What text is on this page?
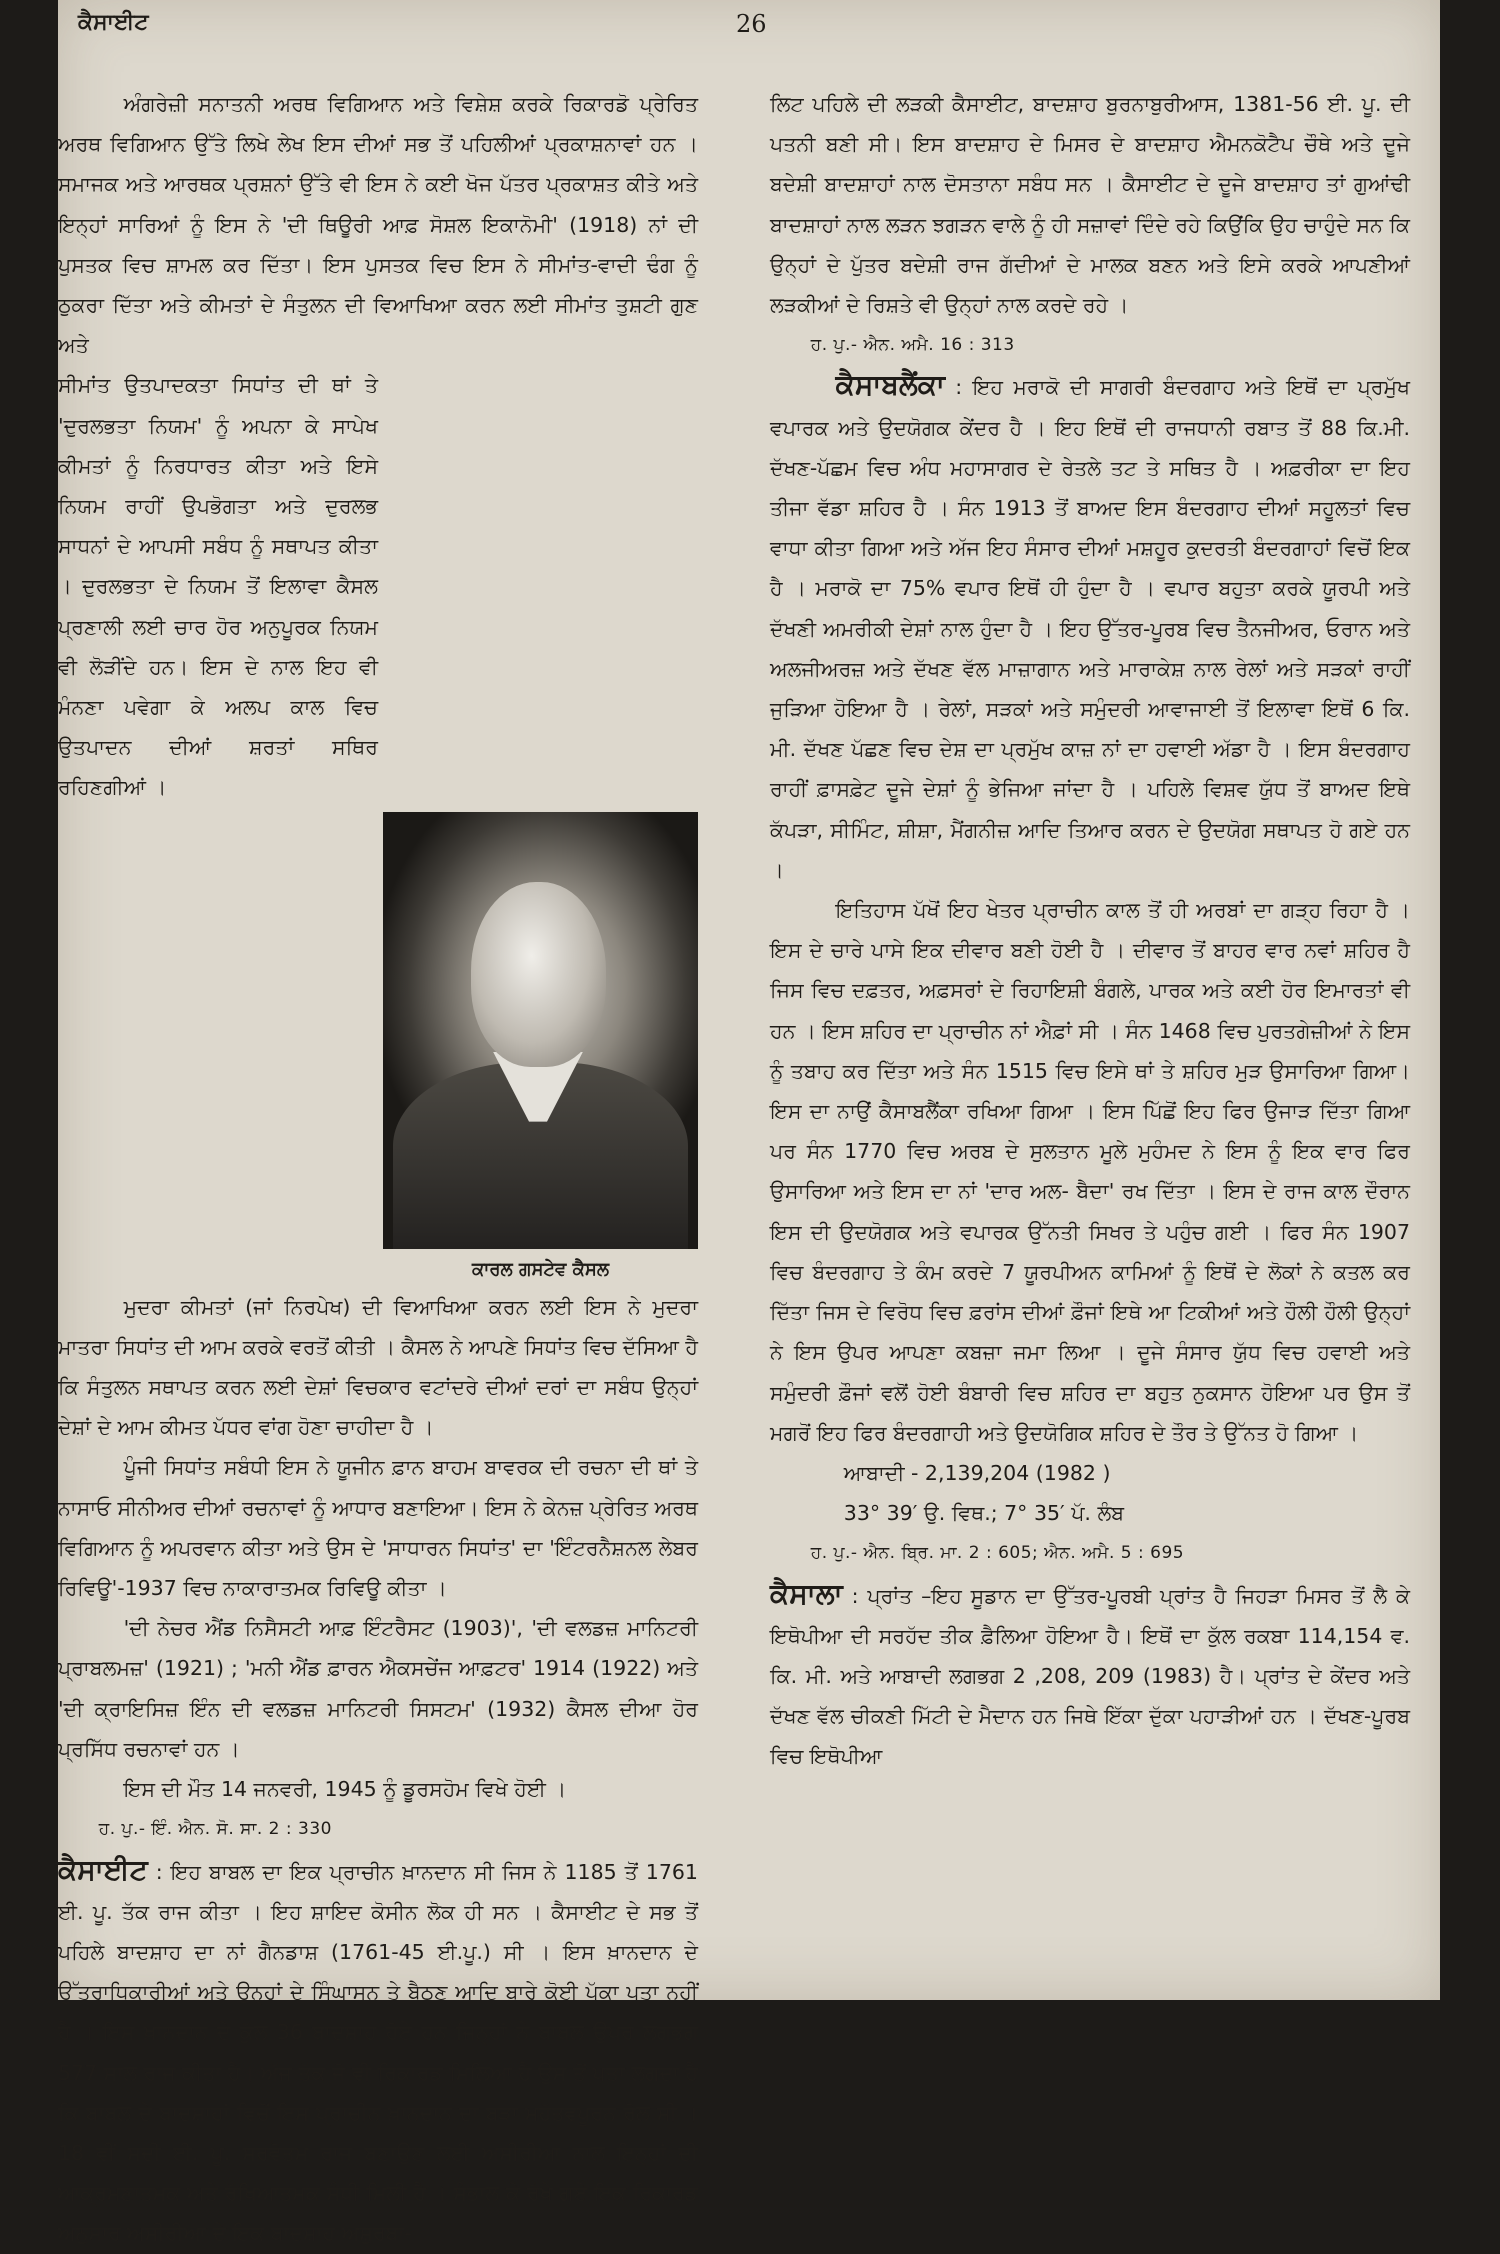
ਕੈਸਾਈਟ	26

ਅੰਗਰੇਜ਼ੀ ਸਨਾਤਨੀ ਅਰਥ ਵਿਗਿਆਨ ਅਤੇ ਵਿਸ਼ੇਸ਼ ਕਰਕੇ ਰਿਕਾਰਡੋ ਪ੍ਰੇਰਿਤ ਅਰਥ ਵਿਗਿਆਨ ਉੱਤੇ ਲਿਖੇ ਲੇਖ ਇਸ ਦੀਆਂ ਸਭ ਤੋਂ ਪਹਿਲੀਆਂ ਪ੍ਰਕਾਸ਼ਨਾਵਾਂ ਹਨ । ਸਮਾਜਕ ਅਤੇ ਆਰਥਕ ਪ੍ਰਸ਼ਨਾਂ ਉੱਤੇ ਵੀ ਇਸ ਨੇ ਕਈ ਖੋਜ ਪੱਤਰ ਪ੍ਰਕਾਸ਼ਤ ਕੀਤੇ ਅਤੇ ਇਨ੍ਹਾਂ ਸਾਰਿਆਂ ਨੂੰ ਇਸ ਨੇ 'ਦੀ ਥਿਊਰੀ ਆਫ਼ ਸੋਸ਼ਲ ਇਕਾਨੋਮੀ' (1918) ਨਾਂ ਦੀ ਪੁਸਤਕ ਵਿਚ ਸ਼ਾਮਲ ਕਰ ਦਿੱਤਾ। ਇਸ ਪੁਸਤਕ ਵਿਚ ਇਸ ਨੇ ਸੀਮਾਂਤ-ਵਾਦੀ ਢੰਗ ਨੂੰ ਠੁਕਰਾ ਦਿੱਤਾ ਅਤੇ ਕੀਮਤਾਂ ਦੇ ਸੰਤੁਲਨ ਦੀ ਵਿਆਖਿਆ ਕਰਨ ਲਈ ਸੀਮਾਂਤ ਤੁਸ਼ਟੀ ਗੁਣ ਅਤੇ

ਸੀਮਾਂਤ ਉਤਪਾਦਕਤਾ ਸਿਧਾਂਤ ਦੀ ਥਾਂ ਤੇ 'ਦੁਰਲਭਤਾ ਨਿਯਮ' ਨੂੰ ਅਪਨਾ ਕੇ ਸਾਪੇਖ ਕੀਮਤਾਂ ਨੂੰ ਨਿਰਧਾਰਤ ਕੀਤਾ ਅਤੇ ਇਸੇ ਨਿਯਮ ਰਾਹੀਂ ਉਪਭੋਗਤਾ ਅਤੇ ਦੁਰਲਭ ਸਾਧਨਾਂ ਦੇ ਆਪਸੀ ਸਬੰਧ ਨੂੰ ਸਥਾਪਤ ਕੀਤਾ । ਦੁਰਲਭਤਾ ਦੇ ਨਿਯਮ ਤੋਂ ਇਲਾਵਾ ਕੈਸਲ ਪ੍ਰਣਾਲੀ ਲਈ ਚਾਰ ਹੋਰ ਅਨੁਪੂਰਕ ਨਿਯਮ ਵੀ ਲੋੜੀਂਦੇ ਹਨ। ਇਸ ਦੇ ਨਾਲ ਇਹ ਵੀ ਮੰਨਣਾ ਪਵੇਗਾ ਕੇ ਅਲਪ ਕਾਲ ਵਿਚ ਉਤਪਾਦਨ ਦੀਆਂ ਸ਼ਰਤਾਂ ਸਥਿਰ ਰਹਿਣਗੀਆਂ ।
ਕਾਰਲ ਗਸਟੇਵ ਕੈਸਲ

ਮੁਦਰਾ ਕੀਮਤਾਂ (ਜਾਂ ਨਿਰਪੇਖ) ਦੀ ਵਿਆਖਿਆ ਕਰਨ ਲਈ ਇਸ ਨੇ ਮੁਦਰਾ ਮਾਤਰਾ ਸਿਧਾਂਤ ਦੀ ਆਮ ਕਰਕੇ ਵਰਤੋਂ ਕੀਤੀ । ਕੈਸਲ ਨੇ ਆਪਣੇ ਸਿਧਾਂਤ ਵਿਚ ਦੱਸਿਆ ਹੈ ਕਿ ਸੰਤੁਲਨ ਸਥਾਪਤ ਕਰਨ ਲਈ ਦੇਸ਼ਾਂ ਵਿਚਕਾਰ ਵਟਾਂਦਰੇ ਦੀਆਂ ਦਰਾਂ ਦਾ ਸਬੰਧ ਉਨ੍ਹਾਂ ਦੇਸ਼ਾਂ ਦੇ ਆਮ ਕੀਮਤ ਪੱਧਰ ਵਾਂਗ ਹੋਣਾ ਚਾਹੀਦਾ ਹੈ ।

ਪੂੰਜੀ ਸਿਧਾਂਤ ਸਬੰਧੀ ਇਸ ਨੇ ਯੂਜੀਨ ਫ਼ਾਨ ਬਾਹਮ ਬਾਵਰਕ ਦੀ ਰਚਨਾ ਦੀ ਥਾਂ ਤੇ ਨਾਸਾਓ ਸੀਨੀਅਰ ਦੀਆਂ ਰਚਨਾਵਾਂ ਨੂੰ ਆਧਾਰ ਬਣਾਇਆ। ਇਸ ਨੇ ਕੇਨਜ਼ ਪ੍ਰੇਰਿਤ ਅਰਥ ਵਿਗਿਆਨ ਨੂੰ ਅਪਰਵਾਨ ਕੀਤਾ ਅਤੇ ਉਸ ਦੇ 'ਸਾਧਾਰਨ ਸਿਧਾਂਤ' ਦਾ 'ਇੰਟਰਨੈਸ਼ਨਲ ਲੇਬਰ ਰਿਵਿਊ'-1937 ਵਿਚ ਨਾਕਾਰਾਤਮਕ ਰਿਵਿਊ ਕੀਤਾ ।

'ਦੀ ਨੇਚਰ ਐਂਡ ਨਿਸੈਸਟੀ ਆਫ਼ ਇੰਟਰੈਸਟ (1903)', 'ਦੀ ਵਲਡਜ਼ ਮਾਨਿਟਰੀ ਪ੍ਰਾਬਲਮਜ਼' (1921) ; 'ਮਨੀ ਐਂਡ ਫ਼ਾਰਨ ਐਕਸਚੇਂਜ ਆਫ਼ਟਰ' 1914 (1922) ਅਤੇ 'ਦੀ ਕ੍ਰਾਇਸਿਜ਼ ਇੰਨ ਦੀ ਵਲਡਜ਼ ਮਾਨਿਟਰੀ ਸਿਸਟਮ' (1932) ਕੈਸਲ ਦੀਆ ਹੋਰ ਪ੍ਰਸਿੱਧ ਰਚਨਾਵਾਂ ਹਨ ।

ਇਸ ਦੀ ਮੌਤ 14 ਜਨਵਰੀ, 1945 ਨੂੰ ਡੂਰਸਹੋਮ ਵਿਖੇ ਹੋਈ ।

ਹ. ਪੁ.- ਇੰ. ਐਨ. ਸੋ. ਸਾ. 2 : 330

ਕੈਸਾਈਟ : ਇਹ ਬਾਬਲ ਦਾ ਇਕ ਪ੍ਰਾਚੀਨ ਖ਼ਾਨਦਾਨ ਸੀ ਜਿਸ ਨੇ 1185 ਤੋਂ 1761 ਈ. ਪੂ. ਤੱਕ ਰਾਜ ਕੀਤਾ । ਇਹ ਸ਼ਾਇਦ ਕੋਸੀਨ ਲੋਕ ਹੀ ਸਨ । ਕੈਸਾਈਟ ਦੇ ਸਭ ਤੋਂ ਪਹਿਲੇ ਬਾਦਸ਼ਾਹ ਦਾ ਨਾਂ ਗੈਨਡਾਸ਼ (1761-45 ਈ.ਪੂ.) ਸੀ । ਇਸ ਖ਼ਾਨਦਾਨ ਦੇ ਉੱਤਰਾਧਿਕਾਰੀਆਂ ਅਤੇ ਉਨ੍ਹਾਂ ਦੇ ਸਿੰਘਾਸਨ ਤੇ ਬੈਠਣ ਆਦਿ ਬਾਰੇ ਕੋਈ ਪੱਕਾ ਪਤਾ ਨਹੀਂ ਹੈ । ਇਸ ਖ਼ਾਨਦਾਨ ਦੇ ਕੁੱਲ 36 ਬਾਦਸ਼ਾਹ ਹੋਏ ਹਨ ਜਿਨ੍ਹਾਂ ਨੇ ਬਾਬਲ ਉਪਰ ਲਗਭਗ 577 ਸਾਲ ਰਾਜ ਕੀਤਾ ਹੈ। ਅੱਜ ਤੱਕ ਜੋ ਵੀ ਰਿਕਾਰਡ ਮਿਲਿਆ ਹੈ ਉਸ ਤੋਂ ਪਤਾ ਲਗਦਾ ਹੈ ਕਿ ਬਾਬਲ ਦੇ ਬਾਦਸ਼ਾਹਾਂ ਵਿਚੋਂ ਇਸ ਪ੍ਰਾਚੀਨ ਖ਼ਾਨਦਾਨ ਦਾ ਬੜਾ ਮਹੱਤਵਪੂਰਨ ਰੋਲ ਸੀ । 18 ਵੀਂ ਸਦੀ ਈ. ਪੂ. ਸਰਵੋਤਮ ਰਾਜ ਬਣਾਉਣ ਲਈ ਅਸੀਰੀਆ ਨਾਲ ਇਨ੍ਹਾਂ ਦੀ ਆਕ੍ਰਮਣਾਤਮਕ ਅਤੇ ਰੱਖਿਆਤਮਕ ਸੰਧੀ ਮਿਲੀ ਹੈ । ਸੰਭਾਲ ਕੇ ਰੱਖੇ ਗਏ ਇਕ ਰਿਕਾਰਡ ਅਨੁਸਾਰ ਅਸੀਰੀਆ ਦੇ ਇਕ ਬਾਦਸ਼ਾਹ ਅਸ਼ੁਰਬਾ-

ਲਿਟ ਪਹਿਲੇ ਦੀ ਲੜਕੀ ਕੈਸਾਈਟ, ਬਾਦਸ਼ਾਹ ਬੁਰਨਾਬੁਰੀਆਸ, 1381-56 ਈ. ਪੂ. ਦੀ ਪਤਨੀ ਬਣੀ ਸੀ। ਇਸ ਬਾਦਸ਼ਾਹ ਦੇ ਮਿਸਰ ਦੇ ਬਾਦਸ਼ਾਹ ਐਮਨਕੋਟੈਪ ਚੌਥੇ ਅਤੇ ਦੂਜੇ ਬਦੇਸ਼ੀ ਬਾਦਸ਼ਾਹਾਂ ਨਾਲ ਦੋਸਤਾਨਾ ਸਬੰਧ ਸਨ । ਕੈਸਾਈਟ ਦੇ ਦੂਜੇ ਬਾਦਸ਼ਾਹ ਤਾਂ ਗੁਆਂਢੀ ਬਾਦਸ਼ਾਹਾਂ ਨਾਲ ਲੜਨ ਝਗੜਨ ਵਾਲੇ ਨੂੰ ਹੀ ਸਜ਼ਾਵਾਂ ਦਿੰਦੇ ਰਹੇ ਕਿਉਂਕਿ ਉਹ ਚਾਹੁੰਦੇ ਸਨ ਕਿ ਉਨ੍ਹਾਂ ਦੇ ਪੁੱਤਰ ਬਦੇਸ਼ੀ ਰਾਜ ਗੱਦੀਆਂ ਦੇ ਮਾਲਕ ਬਣਨ ਅਤੇ ਇਸੇ ਕਰਕੇ ਆਪਣੀਆਂ ਲੜਕੀਆਂ ਦੇ ਰਿਸ਼ਤੇ ਵੀ ਉਨ੍ਹਾਂ ਨਾਲ ਕਰਦੇ ਰਹੇ ।

ਹ. ਪੁ.- ਐਨ. ਅਮੈ. 16 : 313

ਕੈਸਾਬਲੈਂਕਾ : ਇਹ ਮਰਾਕੋ ਦੀ ਸਾਗਰੀ ਬੰਦਰਗਾਹ ਅਤੇ ਇਥੋਂ ਦਾ ਪ੍ਰਮੁੱਖ ਵਪਾਰਕ ਅਤੇ ਉਦਯੋਗਕ ਕੇਂਦਰ ਹੈ । ਇਹ ਇਥੋਂ ਦੀ ਰਾਜਧਾਨੀ ਰਬਾਤ ਤੋਂ 88 ਕਿ.ਮੀ. ਦੱਖਣ-ਪੱਛਮ ਵਿਚ ਅੰਧ ਮਹਾਸਾਗਰ ਦੇ ਰੇਤਲੇ ਤਟ ਤੇ ਸਥਿਤ ਹੈ । ਅਫ਼ਰੀਕਾ ਦਾ ਇਹ ਤੀਜਾ ਵੱਡਾ ਸ਼ਹਿਰ ਹੈ । ਸੰਨ 1913 ਤੋਂ ਬਾਅਦ ਇਸ ਬੰਦਰਗਾਹ ਦੀਆਂ ਸਹੂਲਤਾਂ ਵਿਚ ਵਾਧਾ ਕੀਤਾ ਗਿਆ ਅਤੇ ਅੱਜ ਇਹ ਸੰਸਾਰ ਦੀਆਂ ਮਸ਼ਹੂਰ ਕੁਦਰਤੀ ਬੰਦਰਗਾਹਾਂ ਵਿਚੋਂ ਇਕ ਹੈ । ਮਰਾਕੋ ਦਾ 75% ਵਪਾਰ ਇਥੋਂ ਹੀ ਹੁੰਦਾ ਹੈ । ਵਪਾਰ ਬਹੁਤਾ ਕਰਕੇ ਯੂਰਪੀ ਅਤੇ ਦੱਖਣੀ ਅਮਰੀਕੀ ਦੇਸ਼ਾਂ ਨਾਲ ਹੁੰਦਾ ਹੈ । ਇਹ ਉੱਤਰ-ਪੂਰਬ ਵਿਚ ਤੈਨਜੀਅਰ, ਓਰਾਨ ਅਤੇ ਅਲਜੀਅਰਜ਼ ਅਤੇ ਦੱਖਣ ਵੱਲ ਮਾਜ਼ਾਗਾਨ ਅਤੇ ਮਾਰਾਕੇਸ਼ ਨਾਲ ਰੇਲਾਂ ਅਤੇ ਸੜਕਾਂ ਰਾਹੀਂ ਜੁੜਿਆ ਹੋਇਆ ਹੈ । ਰੇਲਾਂ, ਸੜਕਾਂ ਅਤੇ ਸਮੁੰਦਰੀ ਆਵਾਜਾਈ ਤੋਂ ਇਲਾਵਾ ਇਥੋਂ 6 ਕਿ. ਮੀ. ਦੱਖਣ ਪੱਛਣ ਵਿਚ ਦੇਸ਼ ਦਾ ਪ੍ਰਮੁੱਖ ਕਾਜ਼ ਨਾਂ ਦਾ ਹਵਾਈ ਅੱਡਾ ਹੈ । ਇਸ ਬੰਦਰਗਾਹ ਰਾਹੀਂ ਫ਼ਾਸਫ਼ੇਟ ਦੂਜੇ ਦੇਸ਼ਾਂ ਨੂੰ ਭੇਜਿਆ ਜਾਂਦਾ ਹੈ । ਪਹਿਲੇ ਵਿਸ਼ਵ ਯੁੱਧ ਤੋਂ ਬਾਅਦ ਇਥੇ ਕੱਪੜਾ, ਸੀਮਿੰਟ, ਸ਼ੀਸ਼ਾ, ਮੈਂਗਨੀਜ਼ ਆਦਿ ਤਿਆਰ ਕਰਨ ਦੇ ਉਦਯੋਗ ਸਥਾਪਤ ਹੋ ਗਏ ਹਨ ।

ਇਤਿਹਾਸ ਪੱਖੋਂ ਇਹ ਖੇਤਰ ਪ੍ਰਾਚੀਨ ਕਾਲ ਤੋਂ ਹੀ ਅਰਬਾਂ ਦਾ ਗੜ੍ਹ ਰਿਹਾ ਹੈ । ਇਸ ਦੇ ਚਾਰੇ ਪਾਸੇ ਇਕ ਦੀਵਾਰ ਬਣੀ ਹੋਈ ਹੈ । ਦੀਵਾਰ ਤੋਂ ਬਾਹਰ ਵਾਰ ਨਵਾਂ ਸ਼ਹਿਰ ਹੈ ਜਿਸ ਵਿਚ ਦਫ਼ਤਰ, ਅਫ਼ਸਰਾਂ ਦੇ ਰਿਹਾਇਸ਼ੀ ਬੰਗਲੇ, ਪਾਰਕ ਅਤੇ ਕਈ ਹੋਰ ਇਮਾਰਤਾਂ ਵੀ ਹਨ । ਇਸ ਸ਼ਹਿਰ ਦਾ ਪ੍ਰਾਚੀਨ ਨਾਂ ਐਫ਼ਾਂ ਸੀ । ਸੰਨ 1468 ਵਿਚ ਪੁਰਤਗੇਜ਼ੀਆਂ ਨੇ ਇਸ ਨੂੰ ਤਬਾਹ ਕਰ ਦਿੱਤਾ ਅਤੇ ਸੰਨ 1515 ਵਿਚ ਇਸੇ ਥਾਂ ਤੇ ਸ਼ਹਿਰ ਮੁੜ ਉਸਾਰਿਆ ਗਿਆ। ਇਸ ਦਾ ਨਾਉਂ ਕੈਸਾਬਲੈਂਕਾ ਰਖਿਆ ਗਿਆ । ਇਸ ਪਿੱਛੋਂ ਇਹ ਫਿਰ ਉਜਾੜ ਦਿੱਤਾ ਗਿਆ ਪਰ ਸੰਨ 1770 ਵਿਚ ਅਰਬ ਦੇ ਸੁਲਤਾਨ ਮੂਲੇ ਮੁਹੰਮਦ ਨੇ ਇਸ ਨੂੰ ਇਕ ਵਾਰ ਫਿਰ ਉਸਾਰਿਆ ਅਤੇ ਇਸ ਦਾ ਨਾਂ 'ਦਾਰ ਅਲ- ਬੈਦਾ' ਰਖ ਦਿੱਤਾ । ਇਸ ਦੇ ਰਾਜ ਕਾਲ ਦੌਰਾਨ ਇਸ ਦੀ ਉਦਯੋਗਕ ਅਤੇ ਵਪਾਰਕ ਉੱਨਤੀ ਸਿਖਰ ਤੇ ਪਹੁੰਚ ਗਈ । ਫਿਰ ਸੰਨ 1907 ਵਿਚ ਬੰਦਰਗਾਹ ਤੇ ਕੰਮ ਕਰਦੇ 7 ਯੂਰਪੀਅਨ ਕਾਮਿਆਂ ਨੂੰ ਇਥੋਂ ਦੇ ਲੋਕਾਂ ਨੇ ਕਤਲ ਕਰ ਦਿੱਤਾ ਜਿਸ ਦੇ ਵਿਰੋਧ ਵਿਚ ਫ਼ਰਾਂਸ ਦੀਆਂ ਫ਼ੌਜਾਂ ਇਥੇ ਆ ਟਿਕੀਆਂ ਅਤੇ ਹੌਲੀ ਹੌਲੀ ਉਨ੍ਹਾਂ ਨੇ ਇਸ ਉਪਰ ਆਪਣਾ ਕਬਜ਼ਾ ਜਮਾ ਲਿਆ । ਦੂਜੇ ਸੰਸਾਰ ਯੁੱਧ ਵਿਚ ਹਵਾਈ ਅਤੇ ਸਮੁੰਦਰੀ ਫ਼ੌਜਾਂ ਵਲੋਂ ਹੋਈ ਬੰਬਾਰੀ ਵਿਚ ਸ਼ਹਿਰ ਦਾ ਬਹੁਤ ਨੁਕਸਾਨ ਹੋਇਆ ਪਰ ਉਸ ਤੋਂ ਮਗਰੋਂ ਇਹ ਫਿਰ ਬੰਦਰਗਾਹੀ ਅਤੇ ਉਦਯੋਗਿਕ ਸ਼ਹਿਰ ਦੇ ਤੌਰ ਤੇ ਉੱਨਤ ਹੋ ਗਿਆ ।

ਆਬਾਦੀ - 2,139,204 (1982 )

33° 39′ ਉ. ਵਿਥ.; 7° 35′ ਪੱ. ਲੰਬ

ਹ. ਪੁ.- ਐਨ. ਬ੍ਰਿ. ਮਾ. 2 : 605; ਐਨ. ਅਮੈ. 5 : 695

ਕੈਸਾਲਾ : ਪ੍ਰਾਂਤ –ਇਹ ਸੂਡਾਨ ਦਾ ਉੱਤਰ-ਪੂਰਬੀ ਪ੍ਰਾਂਤ ਹੈ ਜਿਹੜਾ ਮਿਸਰ ਤੋਂ ਲੈ ਕੇ ਇਥੋਪੀਆ ਦੀ ਸਰਹੱਦ ਤੀਕ ਫ਼ੈਲਿਆ ਹੋਇਆ ਹੈ। ਇਥੋਂ ਦਾ ਕੁੱਲ ਰਕਬਾ 114,154 ਵ. ਕਿ. ਮੀ. ਅਤੇ ਆਬਾਦੀ ਲਗਭਗ 2 ,208, 209 (1983) ਹੈ। ਪ੍ਰਾਂਤ ਦੇ ਕੇਂਦਰ ਅਤੇ ਦੱਖਣ ਵੱਲ ਚੀਕਣੀ ਮਿੱਟੀ ਦੇ ਮੈਦਾਨ ਹਨ ਜਿਥੇ ਇੱਕਾ ਦੁੱਕਾ ਪਹਾੜੀਆਂ ਹਨ । ਦੱਖਣ-ਪੂਰਬ ਵਿਚ ਇਥੋਪੀਆ
